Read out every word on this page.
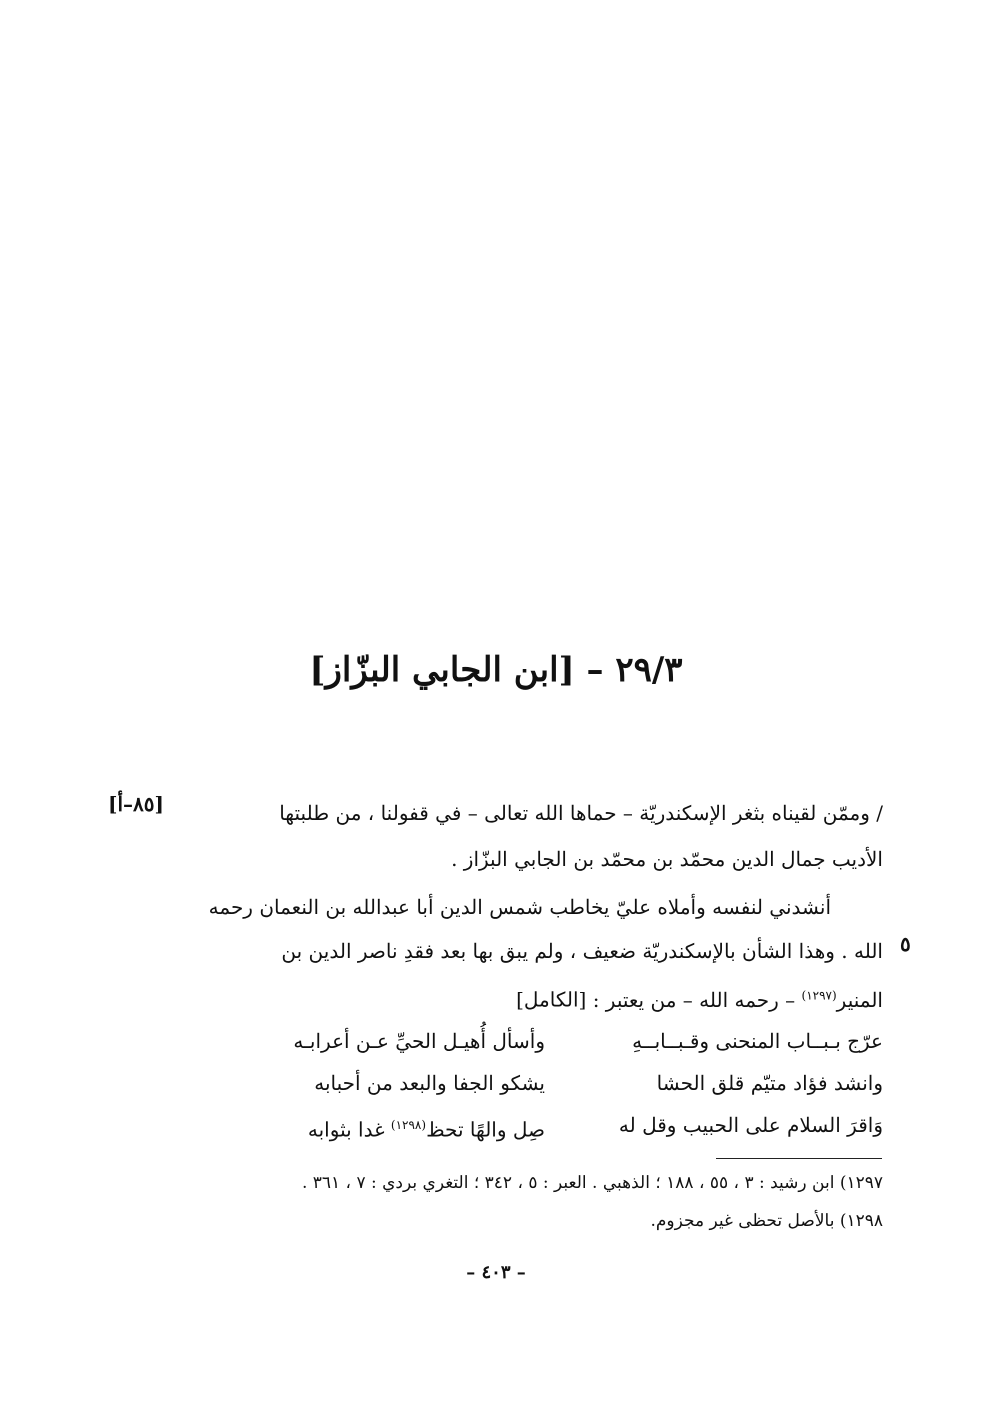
٢٩/٣ – [ابن الجابي البزّاز]
[٨٥–أ]	/ وممّن لقيناه بثغر الإسكندريّة – حماها الله تعالى – في قفولنا ، من طلبتها
الأديب جمال الدين محمّد بن محمّد بن الجابي البزّاز .
أنشدني لنفسه وأملاه عليّ يخاطب شمس الدين أبا عبدالله بن النعمان رحمه
الله . وهذا الشأن بالإسكندريّة ضعيف ، ولم يبق بها بعد فقدِ ناصر الدين بن
المنير$^{(١٢٩٧)}$ – رحمه الله – من يعتبر : [الكامل]
٥
عرّج بـبــاب المنحنى وقـبــابــهِ
وأسأل أُهيـل الحيِّ عـن أعرابـه
وانشد فؤاد متيّم قلق الحشا
يشكو الجفا والبعد من أحبابه
وَاقرَ السلام على الحبيب وقل له
صِل والهًا تحظ$^{(١٢٩٨)}$ غدا بثوابه
١٢٩٧) ابن رشيد : ٣ ، ٥٥ ، ١٨٨ ؛ الذهبي . العبر : ٥ ، ٣٤٢ ؛ التغري بردي : ٧ ، ٣٦١ .
١٢٩٨) بالأصل تحظى غير مجزوم.
– ٤٠٣ –
